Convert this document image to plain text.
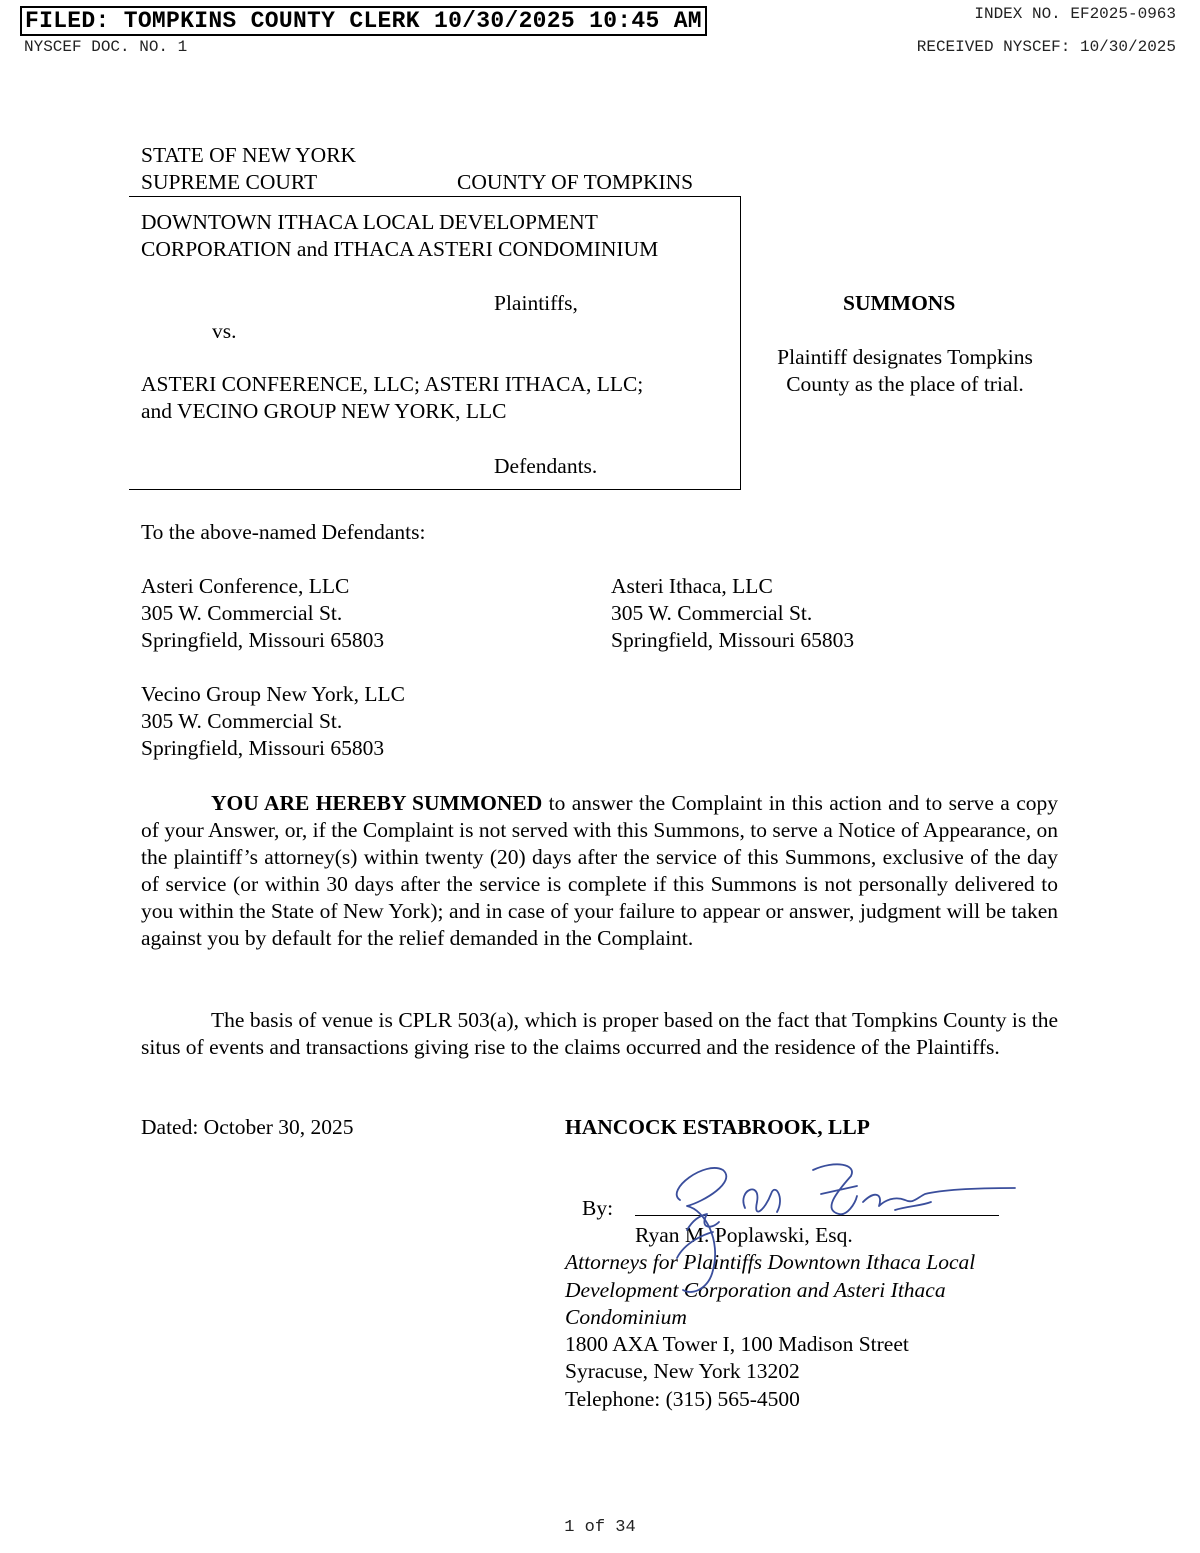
FILED: TOMPKINS COUNTY CLERK 10/30/2025 10:45 AM	INDEX NO. EF2025-0963
NYSCEF DOC. NO. 1	RECEIVED NYSCEF: 10/30/2025
STATE OF NEW YORK
SUPREME COURT	COUNTY OF TOMPKINS
DOWNTOWN ITHACA LOCAL DEVELOPMENT
CORPORATION and ITHACA ASTERI CONDOMINIUM
Plaintiffs,
vs.
ASTERI CONFERENCE, LLC; ASTERI ITHACA, LLC;
and VECINO GROUP NEW YORK, LLC
Defendants.
SUMMONS
Plaintiff designates Tompkins
County as the place of trial.
To the above-named Defendants:
Asteri Conference, LLC
305 W. Commercial St.
Springfield, Missouri 65803
Asteri Ithaca, LLC
305 W. Commercial St.
Springfield, Missouri 65803
Vecino Group New York, LLC
305 W. Commercial St.
Springfield, Missouri 65803
YOU ARE HEREBY SUMMONED to answer the Complaint in this action and to serve a copy of your Answer, or, if the Complaint is not served with this Summons, to serve a Notice of Appearance, on the plaintiff’s attorney(s) within twenty (20) days after the service of this Summons, exclusive of the day of service (or within 30 days after the service is complete if this Summons is not personally delivered to you within the State of New York); and in case of your failure to appear or answer, judgment will be taken against you by default for the relief demanded in the Complaint.
The basis of venue is CPLR 503(a), which is proper based on the fact that Tompkins County is the situs of events and transactions giving rise to the claims occurred and the residence of the Plaintiffs.
Dated: October 30, 2025	HANCOCK ESTABROOK, LLP
By:
Ryan M. Poplawski, Esq.
Attorneys for Plaintiffs Downtown Ithaca Local
Development Corporation and Asteri Ithaca
Condominium
1800 AXA Tower I, 100 Madison Street
Syracuse, New York 13202
Telephone: (315) 565-4500
1 of 34
